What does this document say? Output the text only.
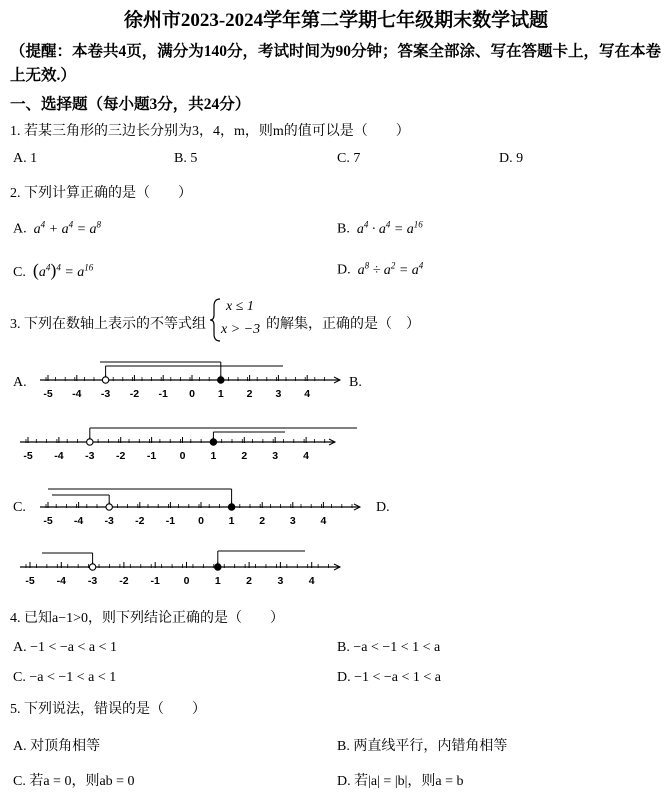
徐州市2023-2024学年第二学期七年级期末数学试题
（提醒：本卷共4页，满分为140分，考试时间为90分钟；答案全部涂、写在答题卡上，写在本卷上无效.）
一、选择题（每小题3分，共24分）
1. 若某三角形的三边长分别为3，4，m，则m的值可以是（　　）
A. 1	B. 5	C. 7	D. 9
2. 下列计算正确的是（　　）
A.  $a^4 + a^4 = a^8$	B.  $a^4 \cdot a^4 = a^{16}$
C. $(a^4)^4 = a^{16}$	D.  $a^8 \div a^2 = a^4$
3. 下列在数轴上表示的不等式组
x ≤ 1
x > −3 的解集，正确的是（　）
A.	B.
C.	D.
-5 -4 -3 -2 -1 0 1 2 3 4
-5 -4 -3 -2 -1 0 1 2 3 4
-5 -4 -3 -2 -1 0 1 2 3 4
-5 -4 -3 -2 -1 0 1 2 3 4
4. 已知a−1>0，则下列结论正确的是（　　）
A. −1 < −a < a < 1	B. −a < −1 < 1 < a
C. −a < −1 < a < 1	D. −1 < −a < 1 < a
5. 下列说法，错误的是（　　）
A. 对顶角相等	B. 两直线平行，内错角相等
C. 若a = 0，则ab = 0	D. 若|a| = |b|，则a = b
